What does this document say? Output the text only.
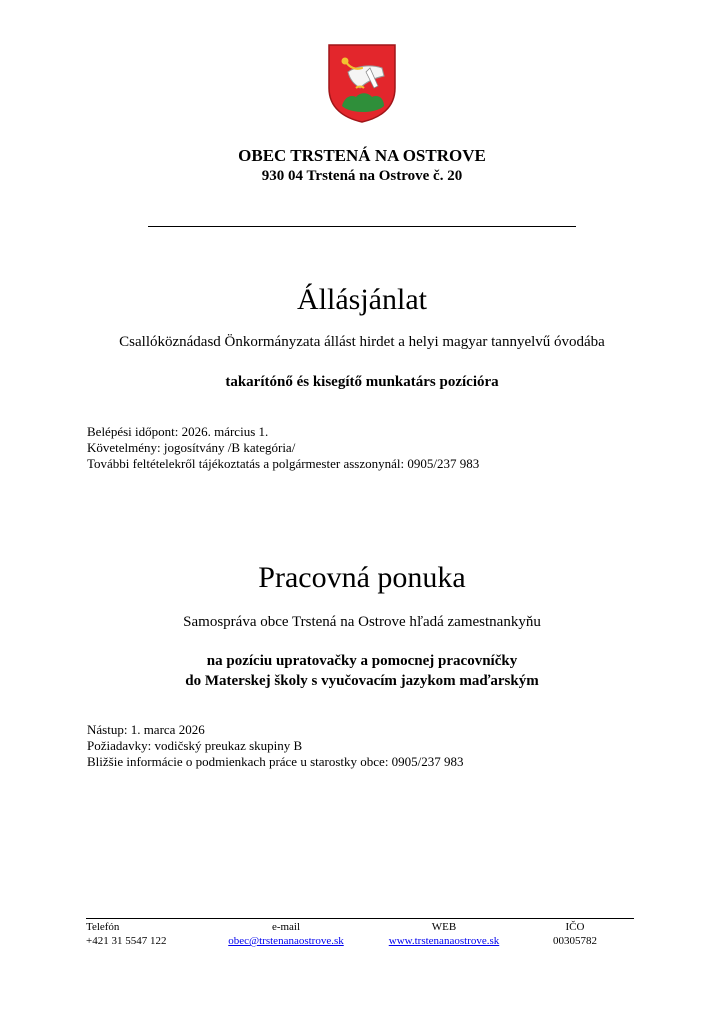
OBEC TRSTENÁ NA OSTROVE
930 04 Trstená na Ostrove č. 20
Állásjánlat
Csallóköznádasd Önkormányzata állást hirdet a helyi magyar tannyelvű óvodába
takarítónő és kisegítő munkatárs pozícióra
Belépési időpont: 2026. március 1.
Követelmény: jogosítvány /B kategória/
További feltételekről tájékoztatás a polgármester asszonynál: 0905/237 983
Pracovná ponuka
Samospráva obce Trstená na Ostrove hľadá zamestnankyňu
na pozíciu upratovačky a pomocnej pracovníčky
do Materskej školy s vyučovacím jazykom maďarským
Nástup: 1. marca 2026
Požiadavky: vodičský preukaz skupiny B
Bližšie informácie o podmienkach práce u starostky obce: 0905/237 983
Telefón
+421 31 5547 122
e-mail
obec@trstenanaostrove.sk
WEB
www.trstenanaostrove.sk
IČO
00305782
